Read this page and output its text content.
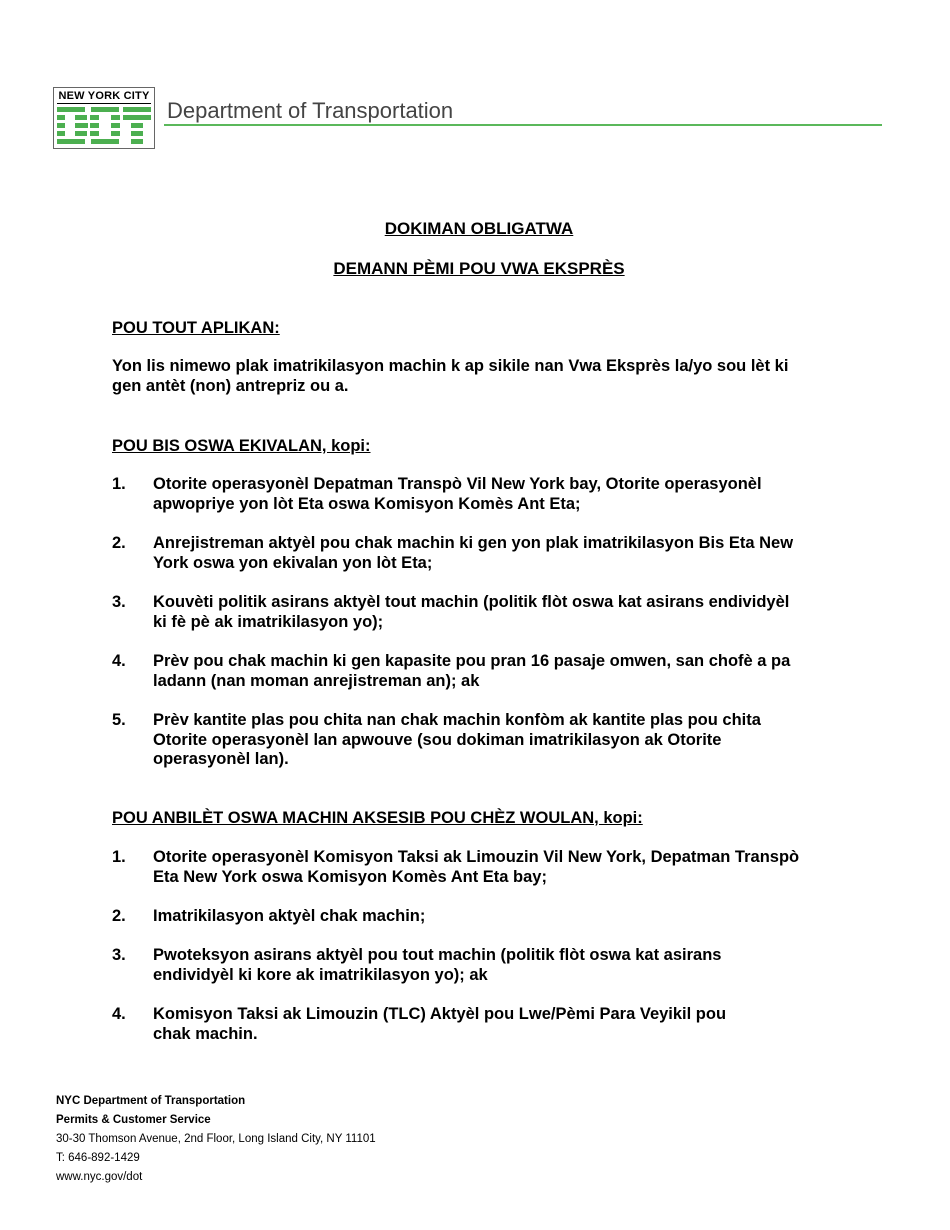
NEW YORK CITY
Department of Transportation
DOKIMAN OBLIGATWA
DEMANN PÈMI POU VWA EKSPRÈS
POU TOUT APLIKAN:
Yon lis nimewo plak imatrikilasyon machin k ap sikile nan Vwa Eksprès la/yo sou lèt ki
gen antèt (non) antrepriz ou a.
POU BIS OSWA EKIVALAN, kopi:
1. Otorite operasyonèl Depatman Transpò Vil New York bay, Otorite operasyonèl
apwopriye yon lòt Eta oswa Komisyon Komès Ant Eta;
2. Anrejistreman aktyèl pou chak machin ki gen yon plak imatrikilasyon Bis Eta New
York oswa yon ekivalan yon lòt Eta;
3. Kouvèti politik asirans aktyèl tout machin (politik flòt oswa kat asirans endividyèl
ki fè pè ak imatrikilasyon yo);
4. Prèv pou chak machin ki gen kapasite pou pran 16 pasaje omwen, san chofè a pa
ladann (nan moman anrejistreman an); ak
5. Prèv kantite plas pou chita nan chak machin konfòm ak kantite plas pou chita
Otorite operasyonèl lan apwouve (sou dokiman imatrikilasyon ak Otorite
operasyonèl lan).
POU ANBILÈT OSWA MACHIN AKSESIB POU CHÈZ WOULAN, kopi:
1. Otorite operasyonèl Komisyon Taksi ak Limouzin Vil New York, Depatman Transpò
Eta New York oswa Komisyon Komès Ant Eta bay;
2. Imatrikilasyon aktyèl chak machin;
3. Pwoteksyon asirans aktyèl pou tout machin (politik flòt oswa kat asirans
endividyèl ki kore ak imatrikilasyon yo); ak
4. Komisyon Taksi ak Limouzin (TLC) Aktyèl pou Lwe/Pèmi Para Veyikil pou
chak machin.
NYC Department of Transportation
Permits & Customer Service
30-30 Thomson Avenue, 2nd Floor, Long Island City, NY 11101
T: 646-892-1429
www.nyc.gov/dot
